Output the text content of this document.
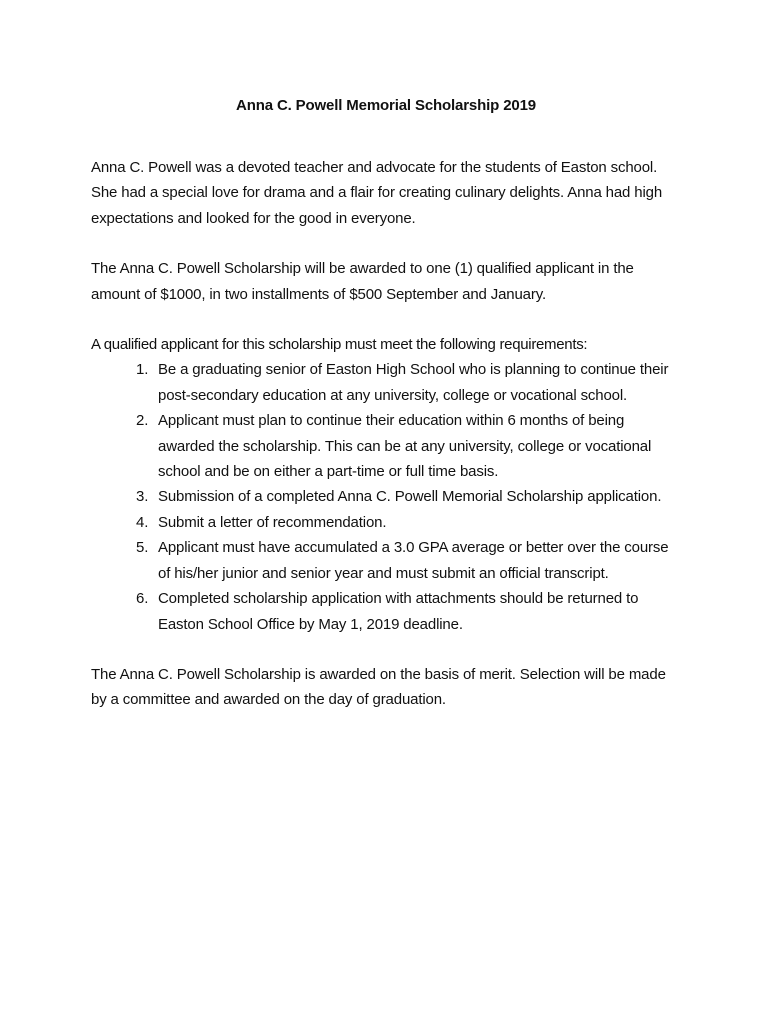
Anna C. Powell Memorial Scholarship 2019

Anna C. Powell was a devoted teacher and advocate for the students of Easton school. She had a special love for drama and a flair for creating culinary delights. Anna had high expectations and looked for the good in everyone.

The Anna C. Powell Scholarship will be awarded to one (1) qualified applicant in the amount of $1000, in two installments of $500 September and January.

A qualified applicant for this scholarship must meet the following requirements:

1. Be a graduating senior of Easton High School who is planning to continue their post-secondary education at any university, college or vocational school.
2. Applicant must plan to continue their education within 6 months of being awarded the scholarship. This can be at any university, college or vocational school and be on either a part-time or full time basis.
3. Submission of a completed Anna C. Powell Memorial Scholarship application.
4. Submit a letter of recommendation.
5. Applicant must have accumulated a 3.0 GPA average or better over the course of his/her junior and senior year and must submit an official transcript.
6. Completed scholarship application with attachments should be returned to Easton School Office by May 1, 2019 deadline.

The Anna C. Powell Scholarship is awarded on the basis of merit. Selection will be made by a committee and awarded on the day of graduation.
